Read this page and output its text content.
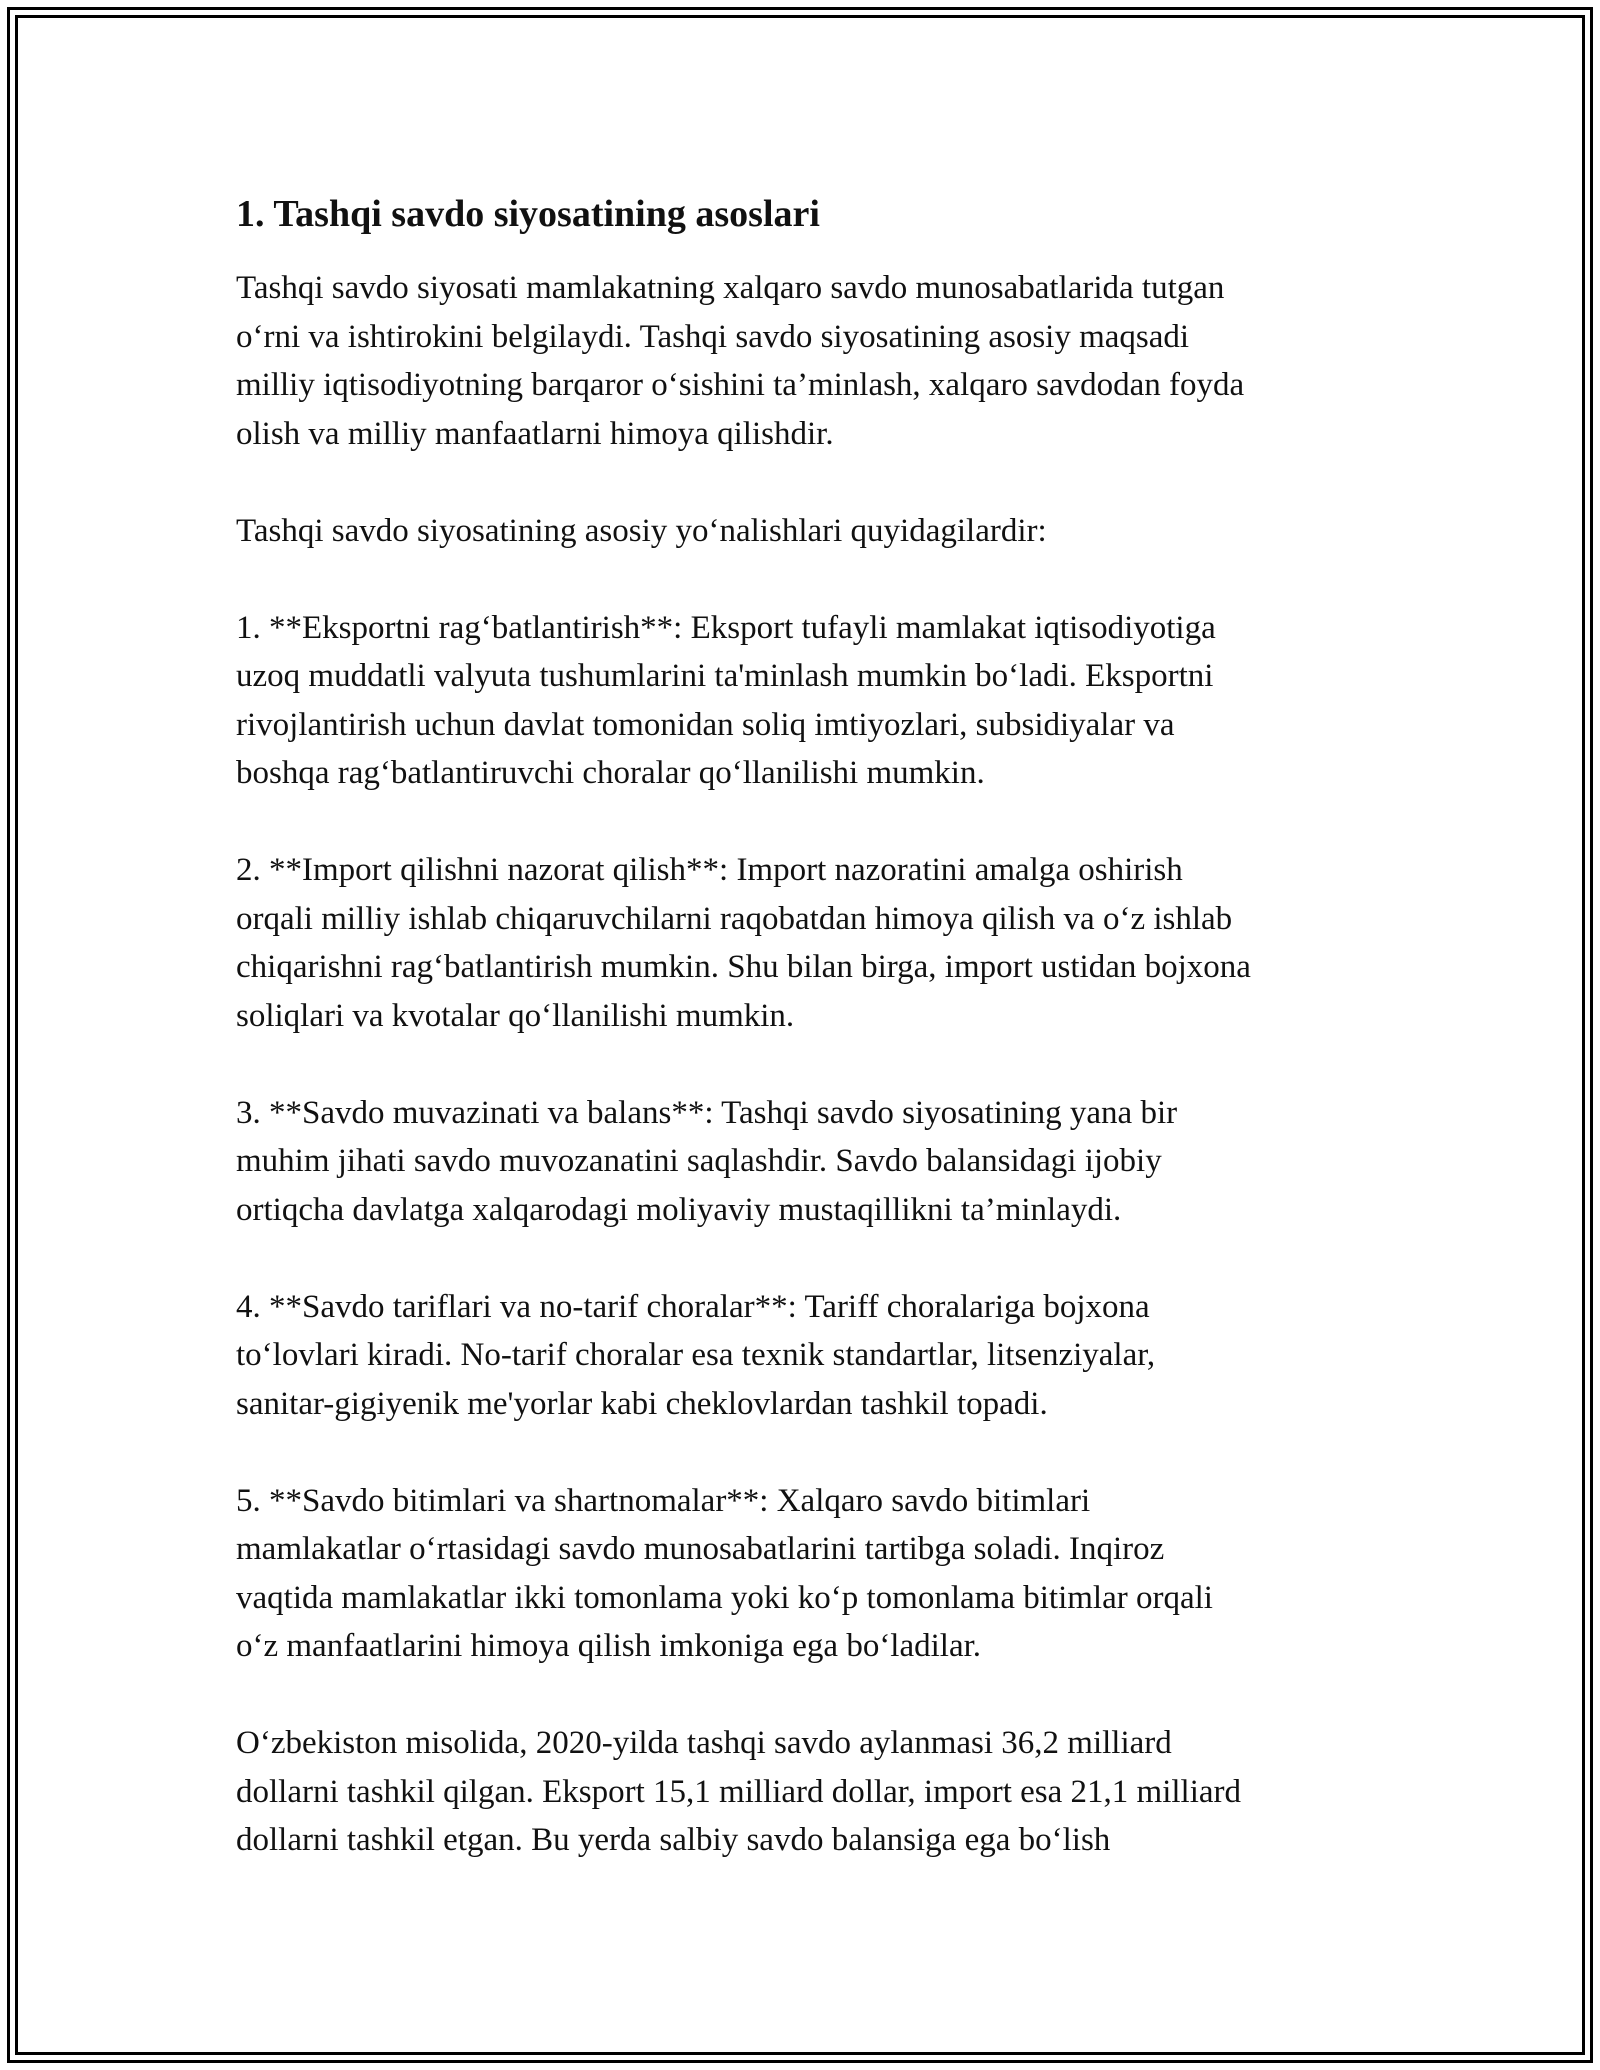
1. Tashqi savdo siyosatining asoslari
Tashqi savdo siyosati mamlakatning xalqaro savdo munosabatlarida tutgan
o‘rni va ishtirokini belgilaydi. Tashqi savdo siyosatining asosiy maqsadi
milliy iqtisodiyotning barqaror o‘sishini ta’minlash, xalqaro savdodan foyda
olish va milliy manfaatlarni himoya qilishdir.
Tashqi savdo siyosatining asosiy yo‘nalishlari quyidagilardir:
1. **Eksportni rag‘batlantirish**: Eksport tufayli mamlakat iqtisodiyotiga
uzoq muddatli valyuta tushumlarini ta'minlash mumkin bo‘ladi. Eksportni
rivojlantirish uchun davlat tomonidan soliq imtiyozlari, subsidiyalar va
boshqa rag‘batlantiruvchi choralar qo‘llanilishi mumkin.
2. **Import qilishni nazorat qilish**: Import nazoratini amalga oshirish
orqali milliy ishlab chiqaruvchilarni raqobatdan himoya qilish va o‘z ishlab
chiqarishni rag‘batlantirish mumkin. Shu bilan birga, import ustidan bojxona
soliqlari va kvotalar qo‘llanilishi mumkin.
3. **Savdo muvazinati va balans**: Tashqi savdo siyosatining yana bir
muhim jihati savdo muvozanatini saqlashdir. Savdo balansidagi ijobiy
ortiqcha davlatga xalqarodagi moliyaviy mustaqillikni ta’minlaydi.
4. **Savdo tariflari va no-tarif choralar**: Tariff choralariga bojxona
to‘lovlari kiradi. No-tarif choralar esa texnik standartlar, litsenziyalar,
sanitar-gigiyenik me'yorlar kabi cheklovlardan tashkil topadi.
5. **Savdo bitimlari va shartnomalar**: Xalqaro savdo bitimlari
mamlakatlar o‘rtasidagi savdo munosabatlarini tartibga soladi. Inqiroz
vaqtida mamlakatlar ikki tomonlama yoki ko‘p tomonlama bitimlar orqali
o‘z manfaatlarini himoya qilish imkoniga ega bo‘ladilar.
O‘zbekiston misolida, 2020-yilda tashqi savdo aylanmasi 36,2 milliard
dollarni tashkil qilgan. Eksport 15,1 milliard dollar, import esa 21,1 milliard
dollarni tashkil etgan. Bu yerda salbiy savdo balansiga ega bo‘lish
